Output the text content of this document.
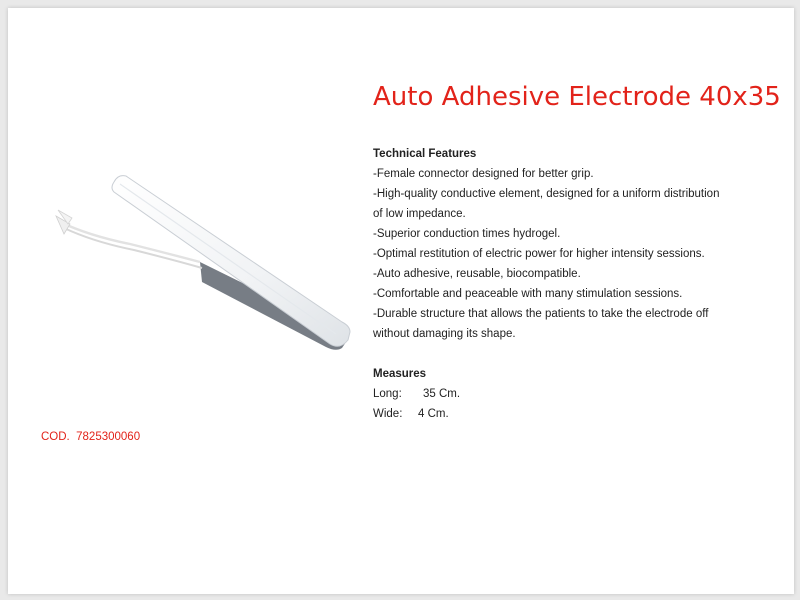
Auto Adhesive Electrode 40x35
Technical Features
-Female connector designed for better grip.
-High-quality conductive element, designed for a uniform distribution
of low impedance.
-Superior conduction times hydrogel.
-Optimal restitution of electric power for higher intensity sessions.
-Auto adhesive, reusable, biocompatible.
-Comfortable and peaceable with many stimulation sessions.
-Durable structure that allows the patients to take the electrode off
without damaging its shape.
Measures
Long: 35 Cm.
Wide: 4 Cm.
COD. 7825300060
